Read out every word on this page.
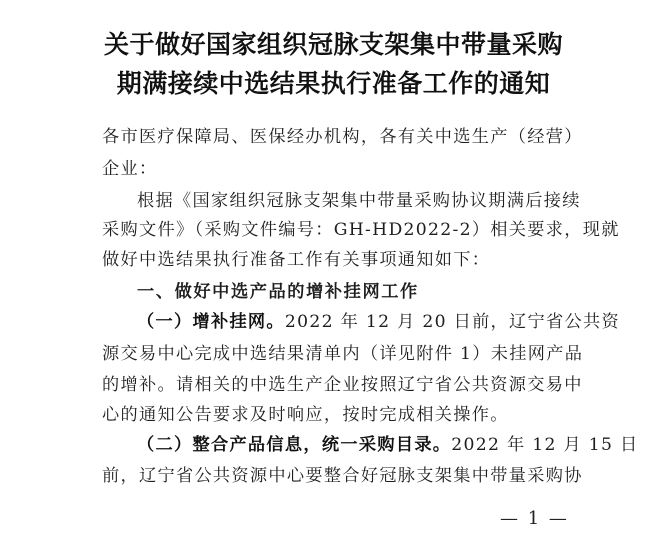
关于做好国家组织冠脉支架集中带量采购
期满接续中选结果执行准备工作的通知
各市医疗保障局、医保经办机构，各有关中选生产（经营）
企业：
根据《国家组织冠脉支架集中带量采购协议期满后接续
采购文件》（采购文件编号：GH-HD2022-2）相关要求，现就
做好中选结果执行准备工作有关事项通知如下：
一、做好中选产品的增补挂网工作
（一）增补挂网。2022 年 12 月 20 日前，辽宁省公共资
源交易中心完成中选结果清单内（详见附件 1）未挂网产品
的增补。请相关的中选生产企业按照辽宁省公共资源交易中
心的通知公告要求及时响应，按时完成相关操作。
（二）整合产品信息，统一采购目录。2022 年 12 月 15 日
前，辽宁省公共资源中心要整合好冠脉支架集中带量采购协
— 1 —
